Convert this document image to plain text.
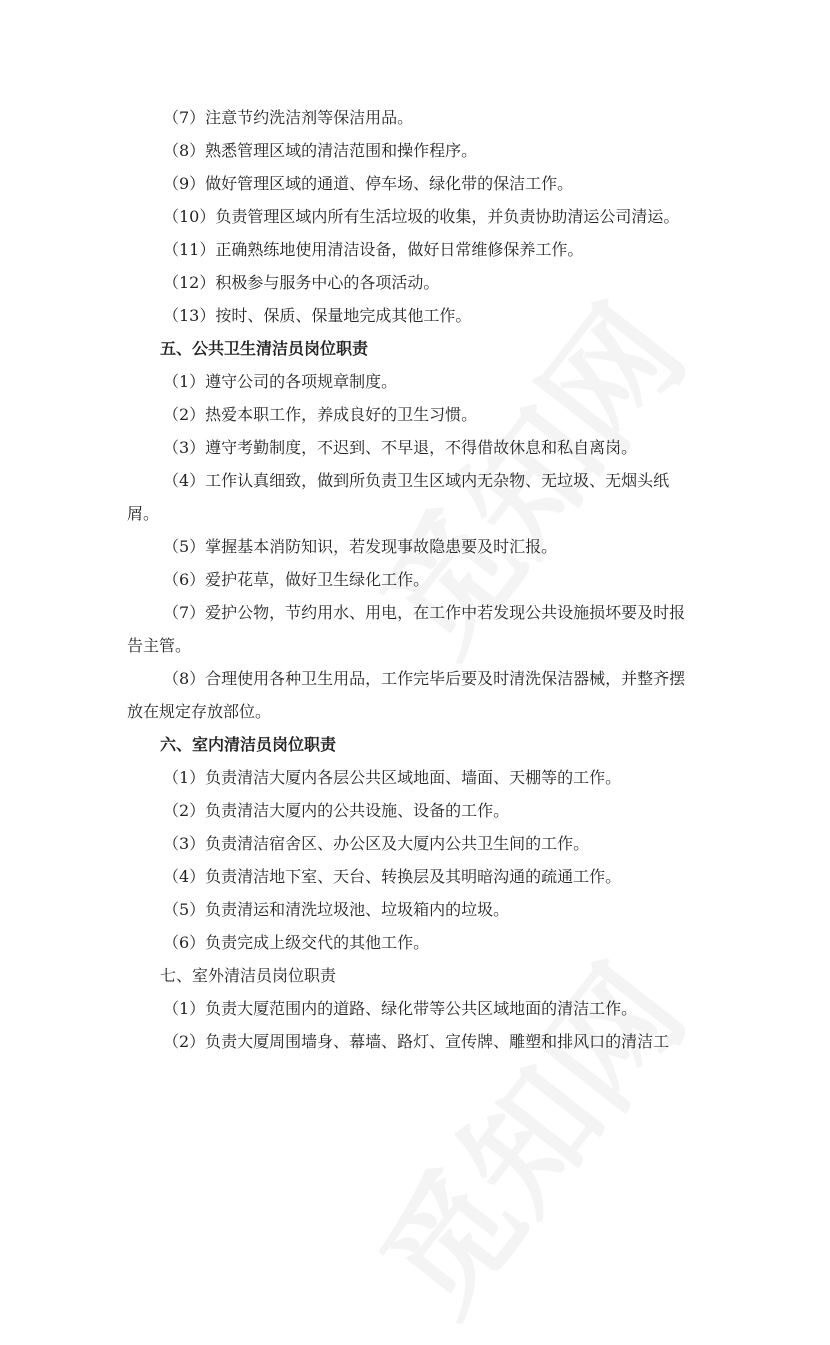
（7）注意节约洗洁剂等保洁用品。
（8）熟悉管理区域的清洁范围和操作程序。
（9）做好管理区域的通道、停车场、绿化带的保洁工作。
（10）负责管理区域内所有生活垃圾的收集，并负责协助清运公司清运。
（11）正确熟练地使用清洁设备，做好日常维修保养工作。
（12）积极参与服务中心的各项活动。
（13）按时、保质、保量地完成其他工作。
五、公共卫生清洁员岗位职责
（1）遵守公司的各项规章制度。
（2）热爱本职工作，养成良好的卫生习惯。
（3）遵守考勤制度，不迟到、不早退，不得借故休息和私自离岗。
（4）工作认真细致，做到所负责卫生区域内无杂物、无垃圾、无烟头纸
屑。
（5）掌握基本消防知识，若发现事故隐患要及时汇报。
（6）爱护花草，做好卫生绿化工作。
（7）爱护公物，节约用水、用电，在工作中若发现公共设施损坏要及时报
告主管。
（8）合理使用各种卫生用品，工作完毕后要及时清洗保洁器械，并整齐摆
放在规定存放部位。
六、室内清洁员岗位职责
（1）负责清洁大厦内各层公共区域地面、墙面、天棚等的工作。
（2）负责清洁大厦内的公共设施、设备的工作。
（3）负责清洁宿舍区、办公区及大厦内公共卫生间的工作。
（4）负责清洁地下室、天台、转换层及其明暗沟通的疏通工作。
（5）负责清运和清洗垃圾池、垃圾箱内的垃圾。
（6）负责完成上级交代的其他工作。
七、室外清洁员岗位职责
（1）负责大厦范围内的道路、绿化带等公共区域地面的清洁工作。
（2）负责大厦周围墙身、幕墙、路灯、宣传牌、雕塑和排风口的清洁工
